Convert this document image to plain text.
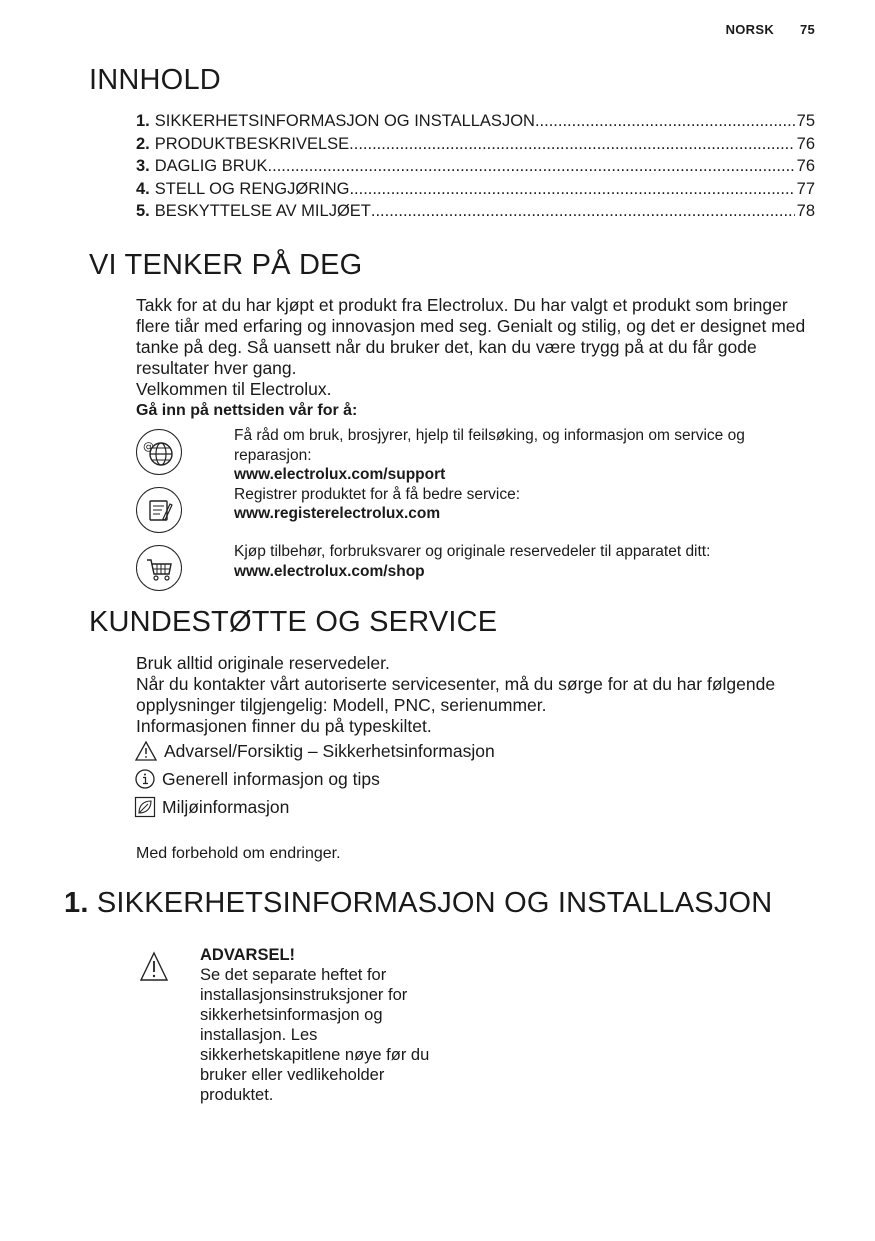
NORSK 75
INNHOLD
1. SIKKERHETSINFORMASJON OG INSTALLASJON .....	75
2. PRODUKTBESKRIVELSE .....	76
3. DAGLIG BRUK .....	76
4. STELL OG RENGJØRING .....	77
5. BESKYTTELSE AV MILJØET .....	78
VI TENKER PÅ DEG

Takk for at du har kjøpt et produkt fra Electrolux. Du har valgt et produkt som bringer flere tiår med erfaring og innovasjon med seg. Genialt og stilig, og det er designet med tanke på deg. Så uansett når du bruker det, kan du være trygg på at du får gode resultater hver gang.

Velkommen til Electrolux.

Gå inn på nettsiden vår for å:

@

Få råd om bruk, brosjyrer, hjelp til feilsøking, og informasjon om service og reparasjon:

www.electrolux.com/support

Registrer produktet for å få bedre service:

www.registerelectrolux.com

Kjøp tilbehør, forbruksvarer og originale reservedeler til apparatet ditt:

www.electrolux.com/shop

KUNDESTØTTE OG SERVICE

Bruk alltid originale reservedeler.

Når du kontakter vårt autoriserte servicesenter, må du sørge for at du har følgende opplysninger tilgjengelig: Modell, PNC, serienummer.

Informasjonen finner du på typeskiltet.

Advarsel/Forsiktig – Sikkerhetsinformasjon
Generell informasjon og tips
Miljøinformasjon
Med forbehold om endringer.
1. SIKKERHETSINFORMASJON OG INSTALLASJON

ADVARSEL!

Se det separate heftet for installasjonsinstruksjoner for sikkerhetsinformasjon og installasjon. Les sikkerhetskapitlene nøye før du bruker eller vedlikeholder produktet.
